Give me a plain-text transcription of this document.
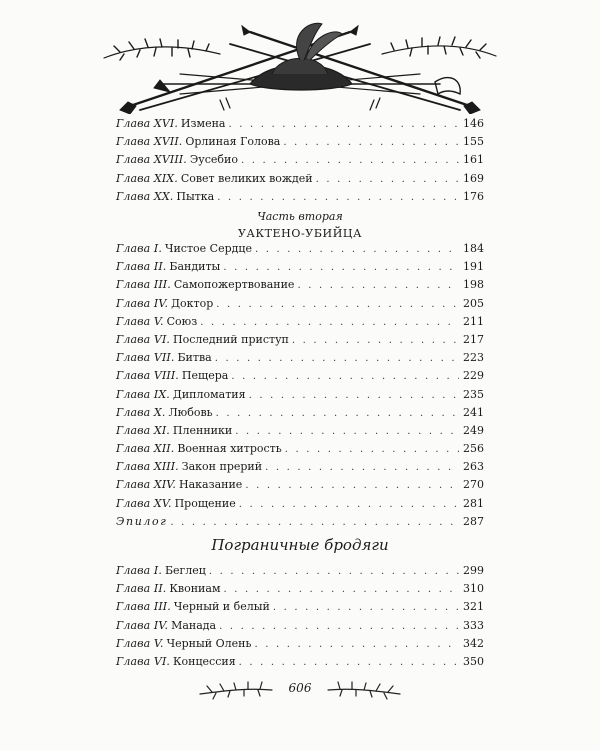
Глава XVI. Измена . . .	146
Глава XVII. Орлиная Голова . . .	155
Глава XVIII. Эусебио . . .	161
Глава XIX. Совет великих вождей . . .	169
Глава XX. Пытка . . .	176
Часть вторая
УАКТЕНО-УБИЙЦА
Глава I. Чистое Сердце . . .	184
Глава II. Бандиты . . .	191
Глава III. Самопожертвование . . .	198
Глава IV. Доктор . . .	205
Глава V. Союз . . .	211
Глава VI. Последний приступ . . .	217
Глава VII. Битва . . .	223
Глава VIII. Пещера . . .	229
Глава IX. Дипломатия . . .	235
Глава X. Любовь . . .	241
Глава XI. Пленники . . .	249
Глава XII. Военная хитрость . . .	256
Глава XIII. Закон прерий . . .	263
Глава XIV. Наказание . . .	270
Глава XV. Прощение . . .	281
Эпилог . . .	287
Пограничные бродяги
Глава I. Беглец . . .	299
Глава II. Квониам . . .	310
Глава III. Черный и белый . . .	321
Глава IV. Манада . . .	333
Глава V. Черный Олень . . .	342
Глава VI. Концессия . . .	350
606
